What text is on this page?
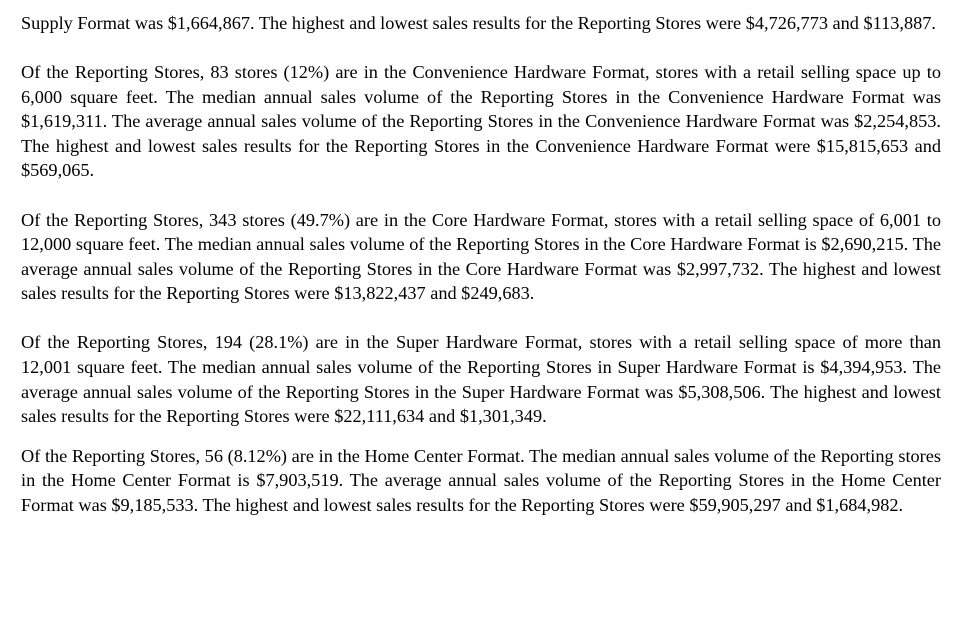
Supply Format was $1,664,867. The highest and lowest sales results for the Reporting Stores were $4,726,773 and $113,887.

Of the Reporting Stores, 83 stores (12%) are in the Convenience Hardware Format, stores with a retail selling space up to 6,000 square feet. The median annual sales volume of the Reporting Stores in the Convenience Hardware Format was $1,619,311. The average annual sales volume of the Reporting Stores in the Convenience Hardware Format was $2,254,853. The highest and lowest sales results for the Reporting Stores in the Convenience Hardware Format were $15,815,653 and $569,065.

Of the Reporting Stores, 343 stores (49.7%) are in the Core Hardware Format, stores with a retail selling space of 6,001 to 12,000 square feet. The median annual sales volume of the Reporting Stores in the Core Hardware Format is $2,690,215. The average annual sales volume of the Reporting Stores in the Core Hardware Format was $2,997,732. The highest and lowest sales results for the Reporting Stores were $13,822,437 and $249,683.

Of the Reporting Stores, 194 (28.1%) are in the Super Hardware Format, stores with a retail selling space of more than 12,001 square feet. The median annual sales volume of the Reporting Stores in Super Hardware Format is $4,394,953. The average annual sales volume of the Reporting Stores in the Super Hardware Format was $5,308,506. The highest and lowest sales results for the Reporting Stores were $22,111,634 and $1,301,349.

Of the Reporting Stores, 56 (8.12%) are in the Home Center Format. The median annual sales volume of the Reporting stores in the Home Center Format is $7,903,519. The average annual sales volume of the Reporting Stores in the Home Center Format was $9,185,533. The highest and lowest sales results for the Reporting Stores were $59,905,297 and $1,684,982.
